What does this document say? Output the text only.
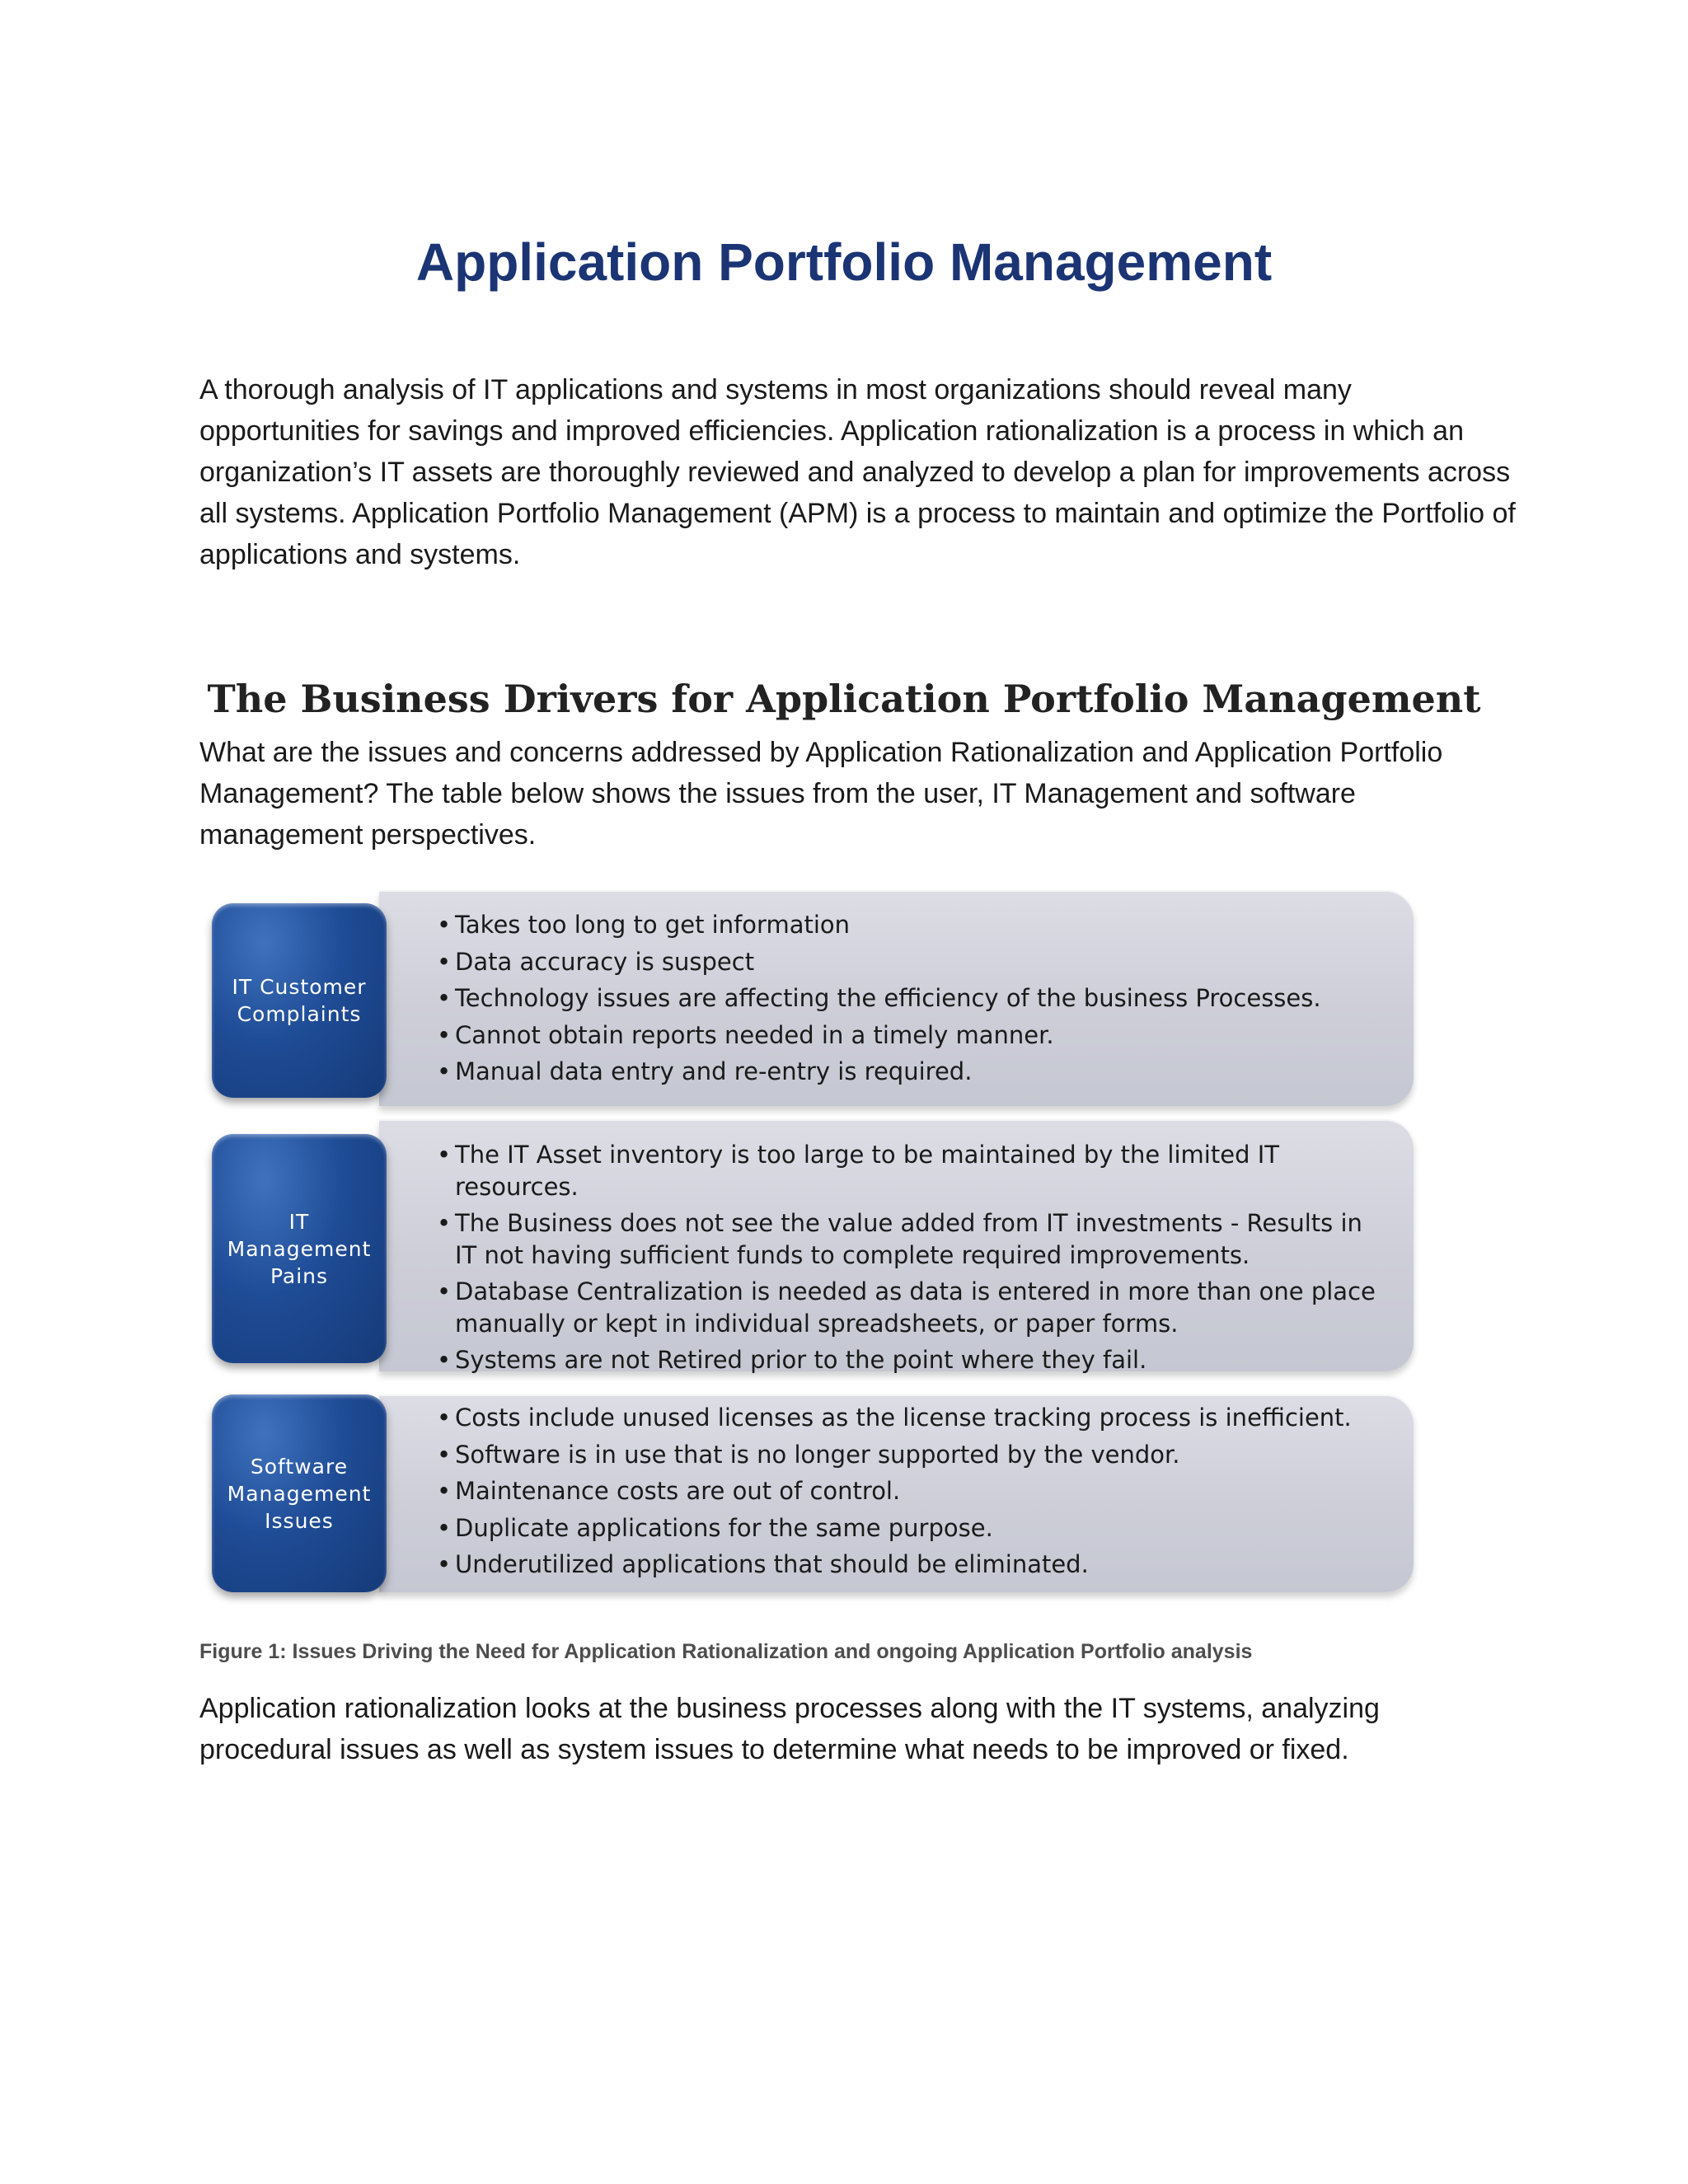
Application Portfolio Management

A thorough analysis of IT applications and systems in most organizations should reveal many opportunities for savings and improved efficiencies. Application rationalization is a process in which an organization’s IT assets are thoroughly reviewed and analyzed to develop a plan for improvements across all systems. Application Portfolio Management (APM) is a process to maintain and optimize the Portfolio of applications and systems.

The Business Drivers for Application Portfolio Management

What are the issues and concerns addressed by Application Rationalization and Application Portfolio Management? The table below shows the issues from the user, IT Management and software management perspectives.

IT Customer
Complaints
• Takes too long to get information
• Data accuracy is suspect
• Technology issues are affecting the efficiency of the business Processes.
• Cannot obtain reports needed in a timely manner.
• Manual data entry and re-entry is required.
IT
Management
Pains
• The IT Asset inventory is too large to be maintained by the limited IT resources.
• The Business does not see the value added from IT investments - Results in IT not having sufficient funds to complete required improvements.
• Database Centralization is needed as data is entered in more than one place manually or kept in individual spreadsheets, or paper forms.
• Systems are not Retired prior to the point where they fail.
Software
Management
Issues
• Costs include unused licenses as the license tracking process is inefficient.
• Software is in use that is no longer supported by the vendor.
• Maintenance costs are out of control.
• Duplicate applications for the same purpose.
• Underutilized applications that should be eliminated.

Figure 1: Issues Driving the Need for Application Rationalization and ongoing Application Portfolio analysis

Application rationalization looks at the business processes along with the IT systems, analyzing procedural issues as well as system issues to determine what needs to be improved or fixed.
